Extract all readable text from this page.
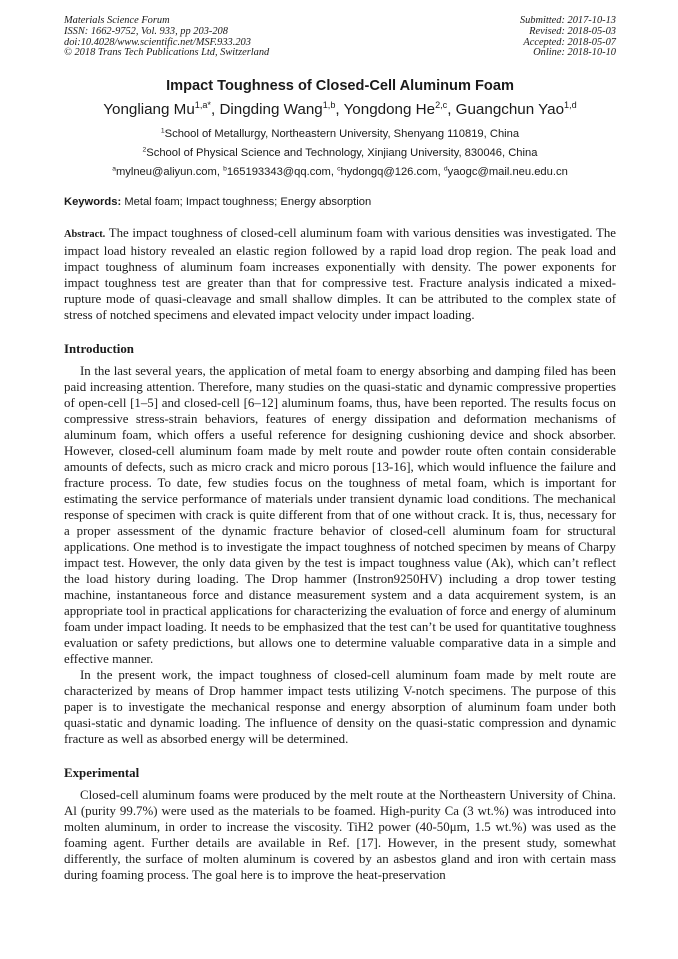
Materials Science Forum
ISSN: 1662-9752, Vol. 933, pp 203-208
doi:10.4028/www.scientific.net/MSF.933.203
© 2018 Trans Tech Publications Ltd, Switzerland
Submitted: 2017-10-13
Revised: 2018-05-03
Accepted: 2018-05-07
Online: 2018-10-10
Impact Toughness of Closed-Cell Aluminum Foam
Yongliang $Mu^{1,a*}$, Dingding Wang$^{1,b}$, Yongdong He$^{2,c}$, Guangchun Yao$^{1,d}$
$^1$School of Metallurgy, Northeastern University, Shenyang 110819, China
$^2$School of Physical Science and Technology, Xinjiang University, 830046, China
$^a$mylneu@aliyun.com, $^b$165193343@qq.com, $^c$hydongq@126.com, $^d$yaogc@mail.neu.edu.cn
Keywords: Metal foam; Impact toughness; Energy absorption
Abstract. The impact toughness of closed-cell aluminum foam with various densities was investigated. The impact load history revealed an elastic region followed by a rapid load drop region. The peak load and impact toughness of aluminum foam increases exponentially with density. The power exponents for impact toughness test are greater than that for compressive test. Fracture analysis indicated a mixed-rupture mode of quasi-cleavage and small shallow dimples. It can be attributed to the complex state of stress of notched specimens and elevated impact velocity under impact loading.
Introduction

In the last several years, the application of metal foam to energy absorbing and damping filed has been paid increasing attention. Therefore, many studies on the quasi-static and dynamic compressive properties of open-cell [1–5] and closed-cell [6–12] aluminum foams, thus, have been reported. The results focus on compressive stress-strain behaviors, features of energy dissipation and deformation mechanisms of aluminum foam, which offers a useful reference for designing cushioning device and shock absorber. However, closed-cell aluminum foam made by melt route and powder route often contain considerable amounts of defects, such as micro crack and micro porous [13-16], which would influence the failure and fracture process. To date, few studies focus on the toughness of metal foam, which is important for estimating the service performance of materials under transient dynamic load conditions. The mechanical response of specimen with crack is quite different from that of one without crack. It is, thus, necessary for a proper assessment of the dynamic fracture behavior of closed-cell aluminum foam for structural applications. One method is to investigate the impact toughness of notched specimen by means of Charpy impact test. However, the only data given by the test is impact toughness value (Ak), which can’t reflect the load history during loading. The Drop hammer (Instron9250HV) including a drop tower testing machine, instantaneous force and distance measurement system and a data acquirement system, is an appropriate tool in practical applications for characterizing the evaluation of force and energy of aluminum foam under impact loading. It needs to be emphasized that the test can’t be used for quantitative toughness evaluation or safety predictions, but allows one to determine valuable comparative data in a simple and effective manner.

In the present work, the impact toughness of closed-cell aluminum foam made by melt route are characterized by means of Drop hammer impact tests utilizing V-notch specimens. The purpose of this paper is to investigate the mechanical response and energy absorption of aluminum foam under both quasi-static and dynamic loading. The influence of density on the quasi-static compression and dynamic fracture as well as absorbed energy will be determined.

Experimental

Closed-cell aluminum foams were produced by the melt route at the Northeastern University of China. Al (purity 99.7%) were used as the materials to be foamed. High-purity Ca (3 wt.%) was introduced into molten aluminum, in order to increase the viscosity. TiH2 power (40-50μm, 1.5 wt.%) was used as the foaming agent. Further details are available in Ref. [17]. However, in the present study, somewhat differently, the surface of molten aluminum is covered by an asbestos gland and iron with certain mass during foaming process. The goal here is to improve the heat-preservation
